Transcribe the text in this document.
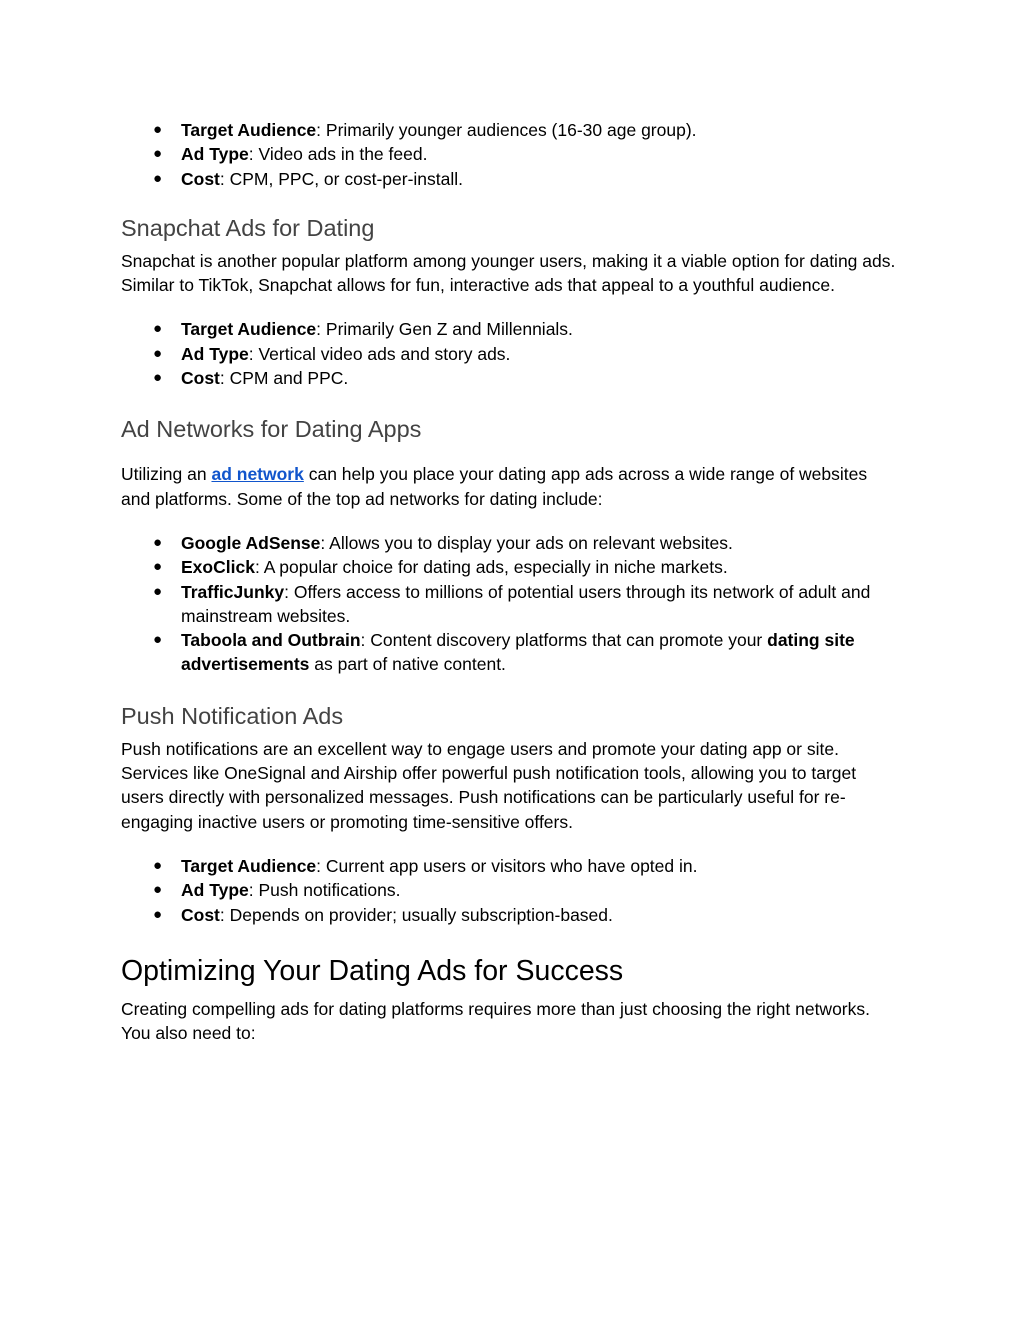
● Target Audience: Primarily younger audiences (16-30 age group).
● Ad Type: Video ads in the feed.
● Cost: CPM, PPC, or cost-per-install.
Snapchat Ads for Dating

Snapchat is another popular platform among younger users, making it a viable option for dating ads. Similar to TikTok, Snapchat allows for fun, interactive ads that appeal to a youthful audience.

● Target Audience: Primarily Gen Z and Millennials.
● Ad Type: Vertical video ads and story ads.
● Cost: CPM and PPC.
Ad Networks for Dating Apps

Utilizing an ad network can help you place your dating app ads across a wide range of websites and platforms. Some of the top ad networks for dating include:

● Google AdSense: Allows you to display your ads on relevant websites.
● ExoClick: A popular choice for dating ads, especially in niche markets.
● TrafficJunky: Offers access to millions of potential users through its network of adult and mainstream websites.
● Taboola and Outbrain: Content discovery platforms that can promote your dating site advertisements as part of native content.
Push Notification Ads

Push notifications are an excellent way to engage users and promote your dating app or site. Services like OneSignal and Airship offer powerful push notification tools, allowing you to target users directly with personalized messages. Push notifications can be particularly useful for re-engaging inactive users or promoting time-sensitive offers.

● Target Audience: Current app users or visitors who have opted in.
● Ad Type: Push notifications.
● Cost: Depends on provider; usually subscription-based.
Optimizing Your Dating Ads for Success

Creating compelling ads for dating platforms requires more than just choosing the right networks. You also need to:
